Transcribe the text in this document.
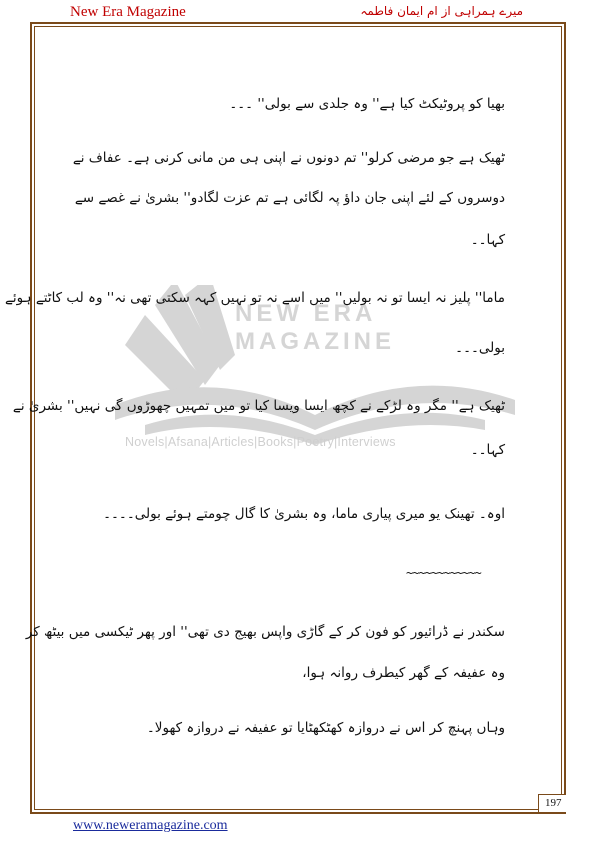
New Era Magazine	میرے ہمراہی از ام ایمان فاطمہ
NEW ERA MAGAZINE
Novels|Afsana|Articles|Books|Poetry|Interviews
بھیا کو پروٹیکٹ کیا ہے'' وہ جلدی سے بولی'' ۔۔۔
ٹھیک ہے جو مرضی کرلو'' تم دونوں نے اپنی ہی من مانی کرنی ہے۔ عفاف نے
دوسروں کے لئے اپنی جان داؤ پہ لگائی ہے تم عزت لگادو'' بشریٰ نے غصے سے
کہا۔۔
ماما'' پلیز نہ ایسا تو نہ بولیں'' میں اسے نہ تو نہیں کہہ سکتی تھی نہ'' وہ لب کاٹتے ہوئے
بولی۔۔۔
ٹھیک ہے'' مگر وہ لڑکے نے کچھ ایسا ویسا کیا تو میں تمہیں چھوڑوں گی نہیں'' بشریٰ نے
کہا۔۔
اوہ۔ تھینک یو میری پیاری ماما، وہ بشریٰ کا گال چومتے ہوئے بولی۔۔۔۔
~~~~~~~~~~~~
سکندر نے ڈرائیور کو فون کر کے گاڑی واپس بھیج دی تھی'' اور پھر ٹیکسی میں بیٹھ کر
وہ عفیفہ کے گھر کیطرف روانہ ہوا،
وہاں پہنچ کر اس نے دروازہ کھٹکھٹایا تو عفیفہ نے دروازہ کھولا۔
197
www.neweramagazine.com
